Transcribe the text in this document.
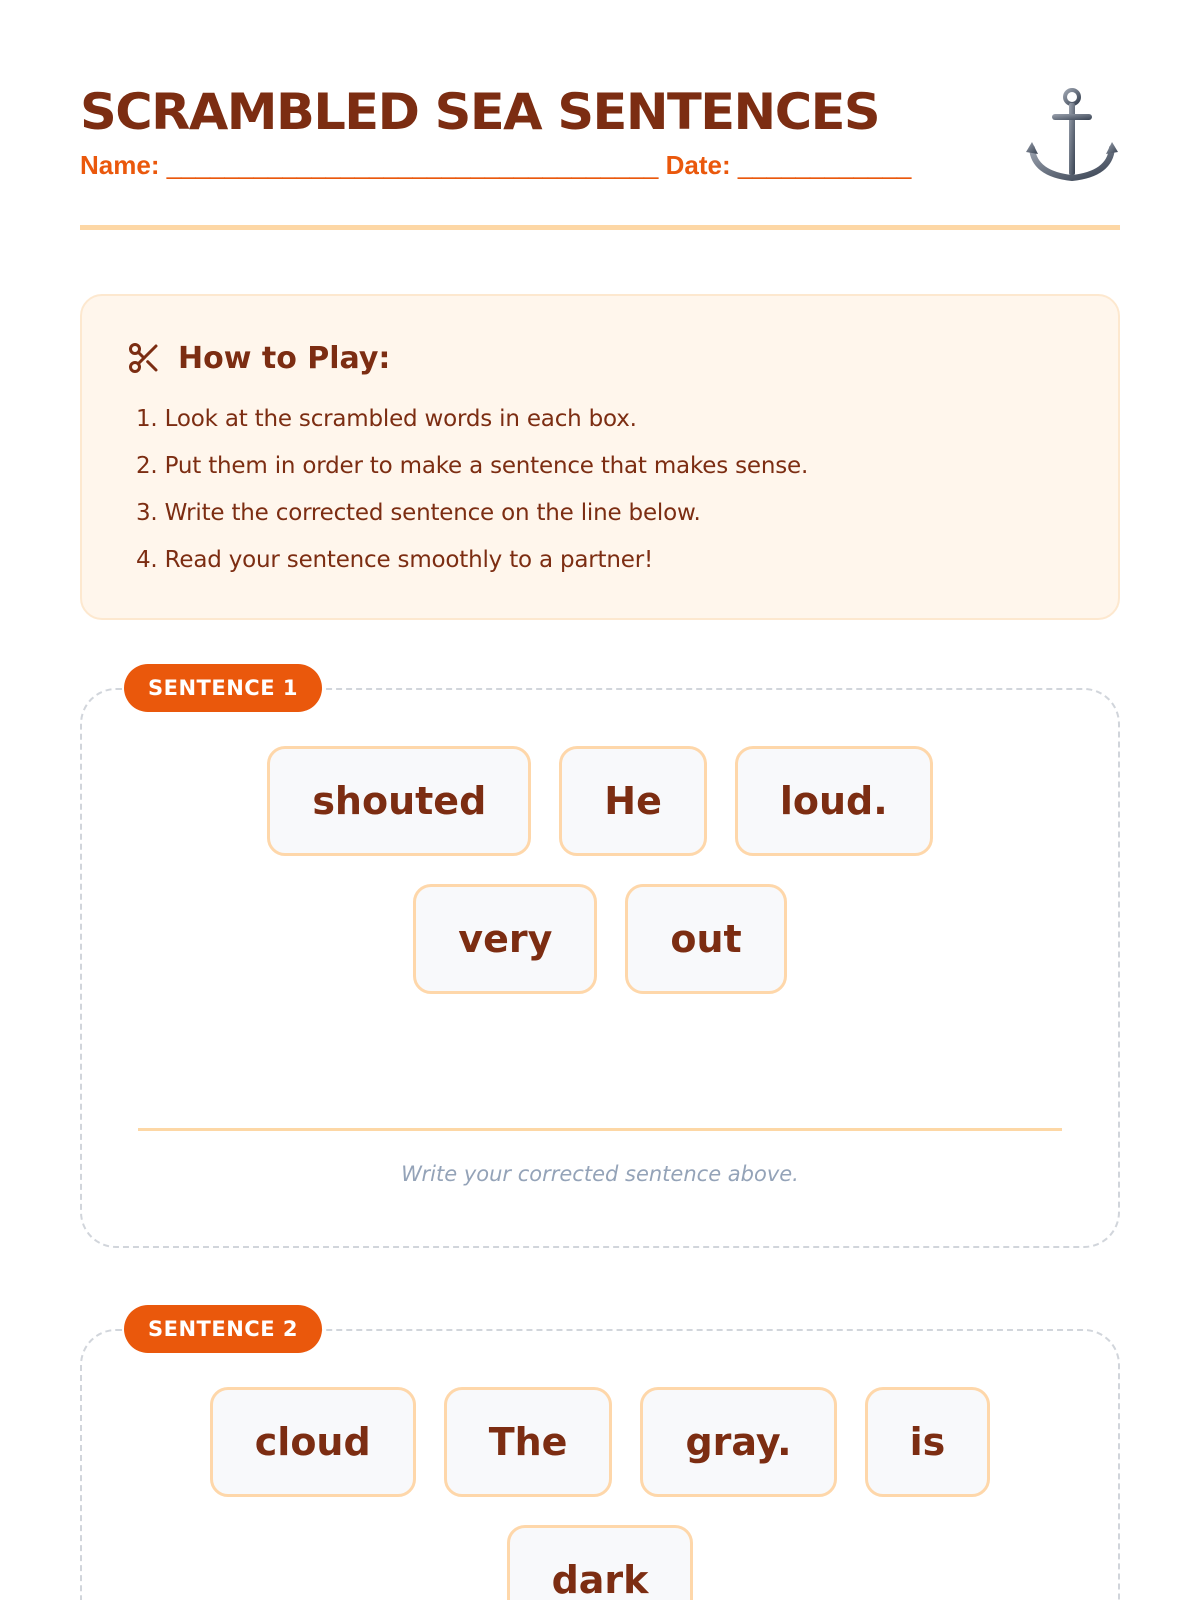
SCRAMBLED SEA SENTENCES
Name: __________________________________ Date: ____________
How to Play:
1. Look at the scrambled words in each box.
2. Put them in order to make a sentence that makes sense.
3. Write the corrected sentence on the line below.
4. Read your sentence smoothly to a partner!
SENTENCE 1
shouted	He	loud.
very	out
Write your corrected sentence above.
SENTENCE 2
cloud	The	gray.	is
dark
